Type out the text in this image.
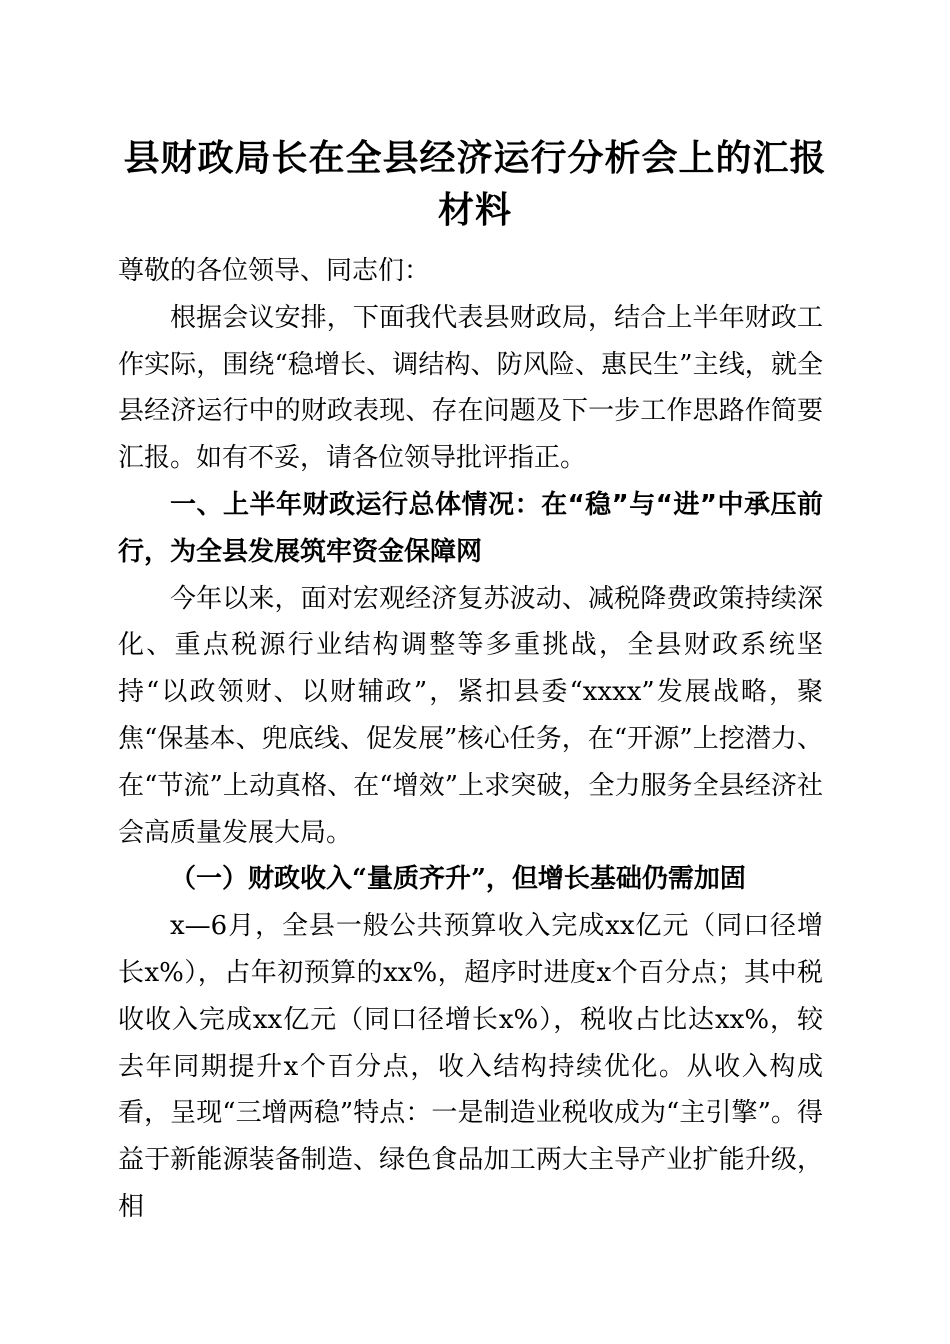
县财政局长在全县经济运行分析会上的汇报材料

尊敬的各位领导、同志们：

根据会议安排，下面我代表县财政局，结合上半年财政工作实际，围绕“稳增长、调结构、防风险、惠民生”主线，就全县经济运行中的财政表现、存在问题及下一步工作思路作简要汇报。如有不妥，请各位领导批评指正。

一、上半年财政运行总体情况：在“稳”与“进”中承压前行，为全县发展筑牢资金保障网

今年以来，面对宏观经济复苏波动、减税降费政策持续深化、重点税源行业结构调整等多重挑战，全县财政系统坚持“以政领财、以财辅政”，紧扣县委“xxxx”发展战略，聚焦“保基本、兜底线、促发展”核心任务，在“开源”上挖潜力、在“节流”上动真格、在“增效”上求突破，全力服务全县经济社会高质量发展大局。

（一）财政收入“量质齐升”，但增长基础仍需加固

x—6月，全县一般公共预算收入完成xx亿元（同口径增长x%），占年初预算的xx%，超序时进度x个百分点；其中税收收入完成xx亿元（同口径增长x%），税收占比达xx%，较去年同期提升x个百分点，收入结构持续优化。从收入构成看，呈现“三增两稳”特点：一是制造业税收成为“主引擎”。得益于新能源装备制造、绿色食品加工两大主导产业扩能升级，相
